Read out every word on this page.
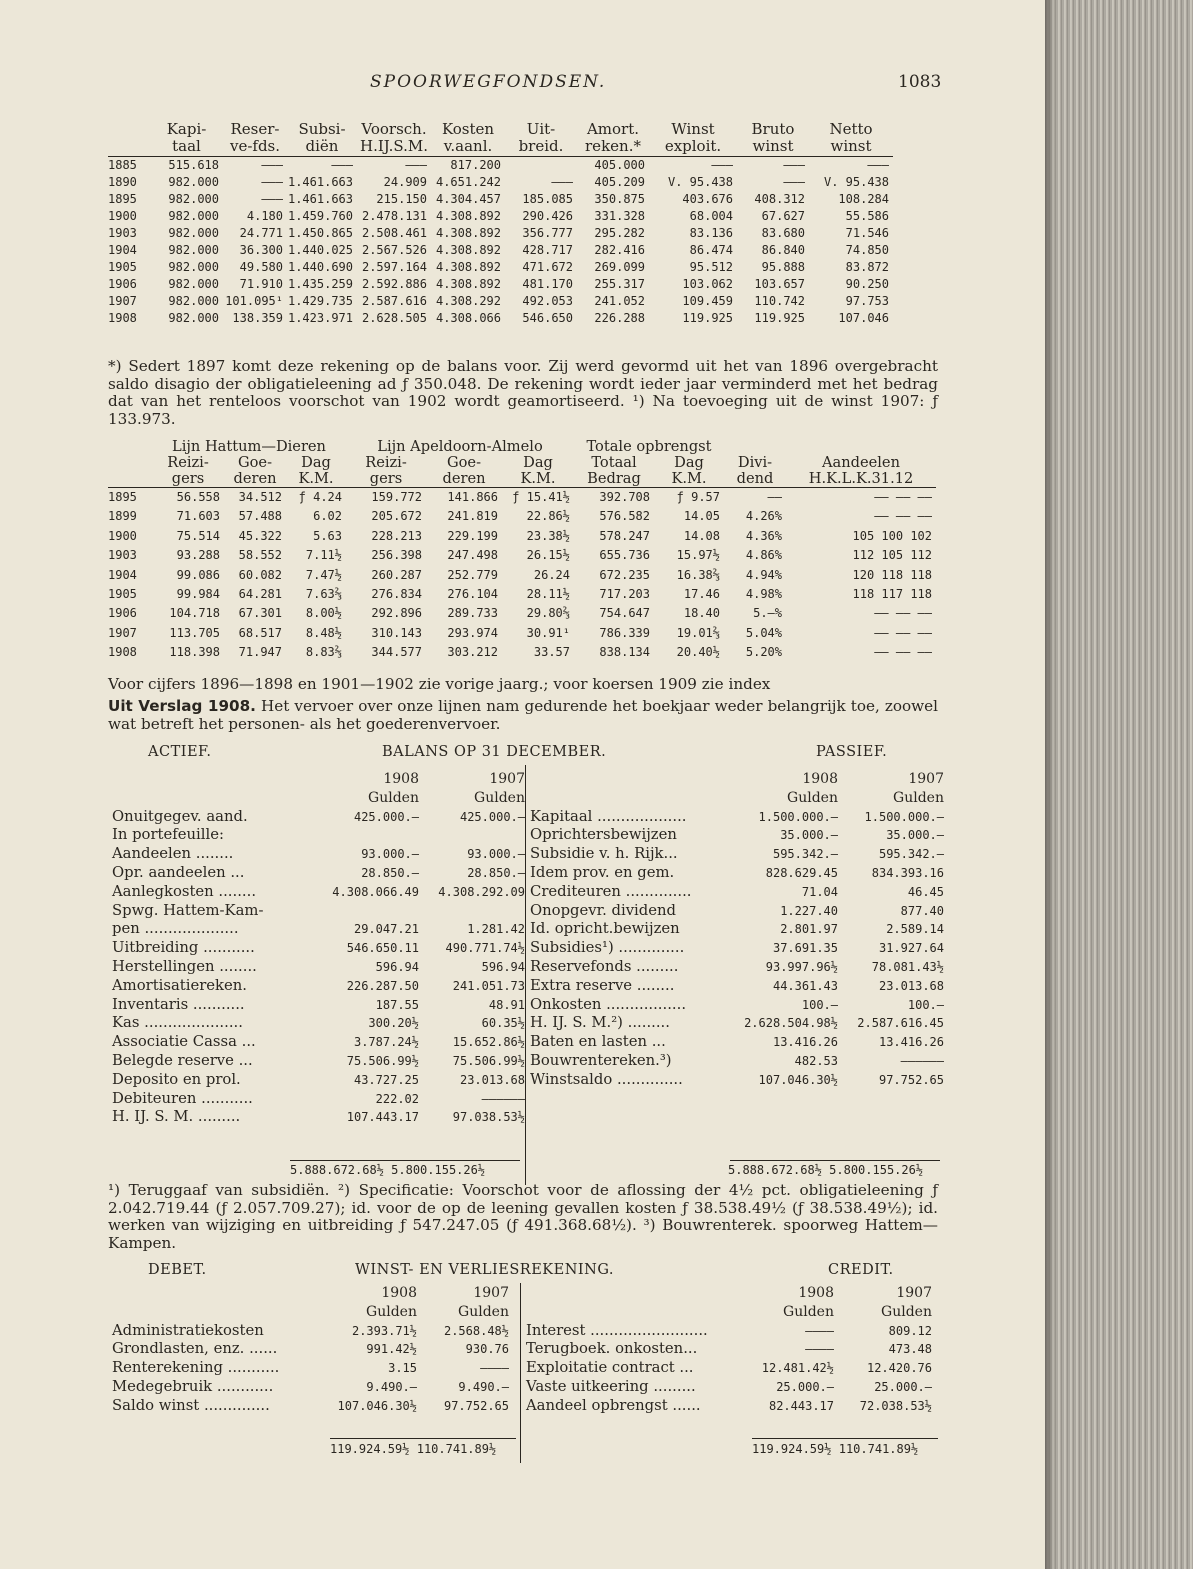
SPOORWEGFONDSEN.	1083
	Kapi-	Reser-	Subsi-	Voorsch.	Kosten	Uit-	Amort.	Winst	Bruto	Netto
	taal	ve-fds.	diën	H.IJ.S.M.	v.aanl.	breid.	reken.*	exploit.	winst	winst
1885	515.618	———	———	———	817.200		405.000	———	———	———
1890	982.000	———	1.461.663	24.909	4.651.242	———	405.209	V. 95.438	———	V. 95.438
1895	982.000	———	1.461.663	215.150	4.304.457	185.085	350.875	403.676	408.312	108.284
1900	982.000	4.180	1.459.760	2.478.131	4.308.892	290.426	331.328	68.004	67.627	55.586
1903	982.000	24.771	1.450.865	2.508.461	4.308.892	356.777	295.282	83.136	83.680	71.546
1904	982.000	36.300	1.440.025	2.567.526	4.308.892	428.717	282.416	86.474	86.840	74.850
1905	982.000	49.580	1.440.690	2.597.164	4.308.892	471.672	269.099	95.512	95.888	83.872
1906	982.000	71.910	1.435.259	2.592.886	4.308.892	481.170	255.317	103.062	103.657	90.250
1907	982.000	101.095¹	1.429.735	2.587.616	4.308.292	492.053	241.052	109.459	110.742	97.753
1908	982.000	138.359	1.423.971	2.628.505	4.308.066	546.650	226.288	119.925	119.925	107.046
*) Sedert 1897 komt deze rekening op de balans voor. Zij werd gevormd uit het van 1896 overgebracht saldo disagio der obligatieleening ad ƒ 350.048. De rekening wordt ieder jaar verminderd met het bedrag dat van het renteloos voorschot van 1902 wordt geamortiseerd. ¹) Na toevoeging uit de winst 1907: ƒ 133.973.
	Lijn Hattum—Dieren			Lijn Apeldoorn-Almelo			Totale opbrengst			
	Reizi-	Goe-	Dag	Reizi-	Goe-	Dag	Totaal	Dag	Divi-	Aandeelen
	gers	deren	K.M.	gers	deren	K.M.	Bedrag	K.M.	dend	H.K.L.K.31.12
1895	56.558	34.512	ƒ 4.24	159.772	141.866	ƒ 15.41½	392.708	ƒ 9.57	——	—— —— ——
1899	71.603	57.488	6.02	205.672	241.819	22.86½	576.582	14.05	4.26%	—— —— ——
1900	75.514	45.322	5.63	228.213	229.199	23.38½	578.247	14.08	4.36%	105 100 102
1903	93.288	58.552	7.11½	256.398	247.498	26.15½	655.736	15.97½	4.86%	112 105 112
1904	99.086	60.082	7.47½	260.287	252.779	26.24	672.235	16.38⅔	4.94%	120 118 118
1905	99.984	64.281	7.63⅔	276.834	276.104	28.11½	717.203	17.46	4.98%	118 117 118
1906	104.718	67.301	8.00½	292.896	289.733	29.80⅔	754.647	18.40	5.—%	—— —— ——
1907	113.705	68.517	8.48½	310.143	293.974	30.91¹	786.339	19.01⅔	5.04%	—— —— ——
1908	118.398	71.947	8.83⅔	344.577	303.212	33.57	838.134	20.40½	5.20%	—— —— ——
Voor cijfers 1896—1898 en 1901—1902 zie vorige jaarg.; voor koersen 1909 zie index
Uit Verslag 1908. Het vervoer over onze lijnen nam gedurende het boekjaar weder belangrijk toe, zoowel wat betreft het personen- als het goederenvervoer.
ACTIEF.	BALANS OP 31 DECEMBER.	PASSIEF.
	1908	1907
	Gulden	Gulden
Onuitgegev. aand.	425.000.—	425.000.—
In portefeuille:		
Aandeelen ........	93.000.—	93.000.—
Opr. aandeelen ...	28.850.—	28.850.—
Aanlegkosten ........	4.308.066.49	4.308.292.09
Spwg. Hattem-Kam-		
pen ....................	29.047.21	1.281.42
Uitbreiding ...........	546.650.11	490.771.74½
Herstellingen ........	596.94	596.94
Amortisatiereken.	226.287.50	241.051.73
Inventaris ...........	187.55	48.91
Kas .....................	300.20½	60.35½
Associatie Cassa ...	3.787.24½	15.652.86½
Belegde reserve ...	75.506.99½	75.506.99½
Deposito en prol.	43.727.25	23.013.68
Debiteuren ...........	222.02	——————
H. IJ. S. M. .........	107.443.17	97.038.53½
	1908	1907
	Gulden	Gulden
Kapitaal ...................	1.500.000.—	1.500.000.—
Oprichtersbewijzen	35.000.—	35.000.—
Subsidie v. h. Rijk...	595.342.—	595.342.—
Idem prov. en gem.	828.629.45	834.393.16
Crediteuren ..............	71.04	46.45
Onopgevr. dividend	1.227.40	877.40
Id. opricht.bewijzen	2.801.97	2.589.14
Subsidies¹) ..............	37.691.35	31.927.64
Reservefonds .........	93.997.96½	78.081.43½
Extra reserve ........	44.361.43	23.013.68
Onkosten .................	100.—	100.—
H. IJ. S. M.²) .........	2.628.504.98½	2.587.616.45
Baten en lasten ...	13.416.26	13.416.26
Bouwrentereken.³)	482.53	——————
Winstsaldo ..............	107.046.30½	97.752.65
5.888.672.68½ 5.800.155.26½	5.888.672.68½ 5.800.155.26½
¹) Teruggaaf van subsidiën. ²) Specificatie: Voorschot voor de aflossing der 4½ pct. obligatieleening ƒ 2.042.719.44 (ƒ 2.057.709.27); id. voor de op de leening gevallen kosten ƒ 38.538.49½ (ƒ 38.538.49½); id. werken van wijziging en uitbreiding ƒ 547.247.05 (ƒ 491.368.68½). ³) Bouwrenterek. spoorweg Hattem—Kampen.
DEBET.	WINST- EN VERLIESREKENING.	CREDIT.
	1908	1907
	Gulden	Gulden
Administratiekosten	2.393.71½	2.568.48½
Grondlasten, enz. ......	991.42½	930.76
Renterekening ...........	3.15	————
Medegebruik ............	9.490.—	9.490.—
Saldo winst ..............	107.046.30½	97.752.65
	1908	1907
	Gulden	Gulden
Interest .........................	————	809.12
Terugboek. onkosten...	————	473.48
Exploitatie contract ...	12.481.42½	12.420.76
Vaste uitkeering .........	25.000.—	25.000.—
Aandeel opbrengst ......	82.443.17	72.038.53½
119.924.59½ 110.741.89½	119.924.59½ 110.741.89½
